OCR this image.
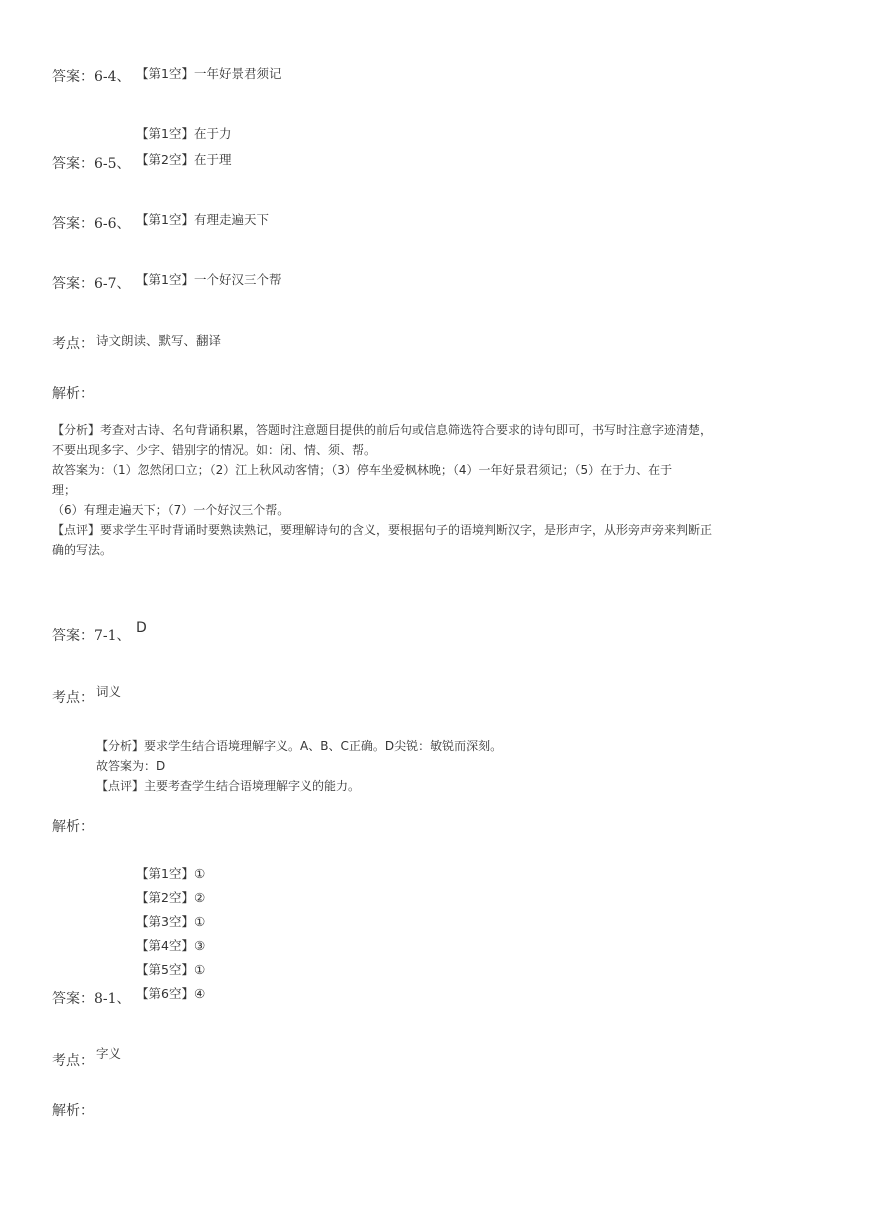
答案：6-4、 【第1空】一年好景君须记
【第1空】在于力
答案：6-5、 【第2空】在于理
答案：6-6、 【第1空】有理走遍天下
答案：6-7、 【第1空】一个好汉三个帮
考点： 诗文朗读、默写、翻译
解析：
【分析】考查对古诗、名句背诵积累，答题时注意题目提供的前后句或信息筛选符合要求的诗句即可，书写时注意字迹清楚，
不要出现多字、少字、错别字的情况。如：闭、情、须、帮。
故答案为：（1）忽然闭口立；（2）江上秋风动客情；（3）停车坐爱枫林晚；（4）一年好景君须记；（5）在于力、在于
理；
（6）有理走遍天下；（7）一个好汉三个帮。
【点评】要求学生平时背诵时要熟读熟记，要理解诗句的含义，要根据句子的语境判断汉字，是形声字，从形旁声旁来判断正
确的写法。
答案：7-1、 D
考点： 词义
【分析】要求学生结合语境理解字义。A、B、C正确。D尖锐：敏锐而深刻。
故答案为：D
【点评】主要考查学生结合语境理解字义的能力。
解析：
【第1空】①
【第2空】②
【第3空】①
【第4空】③
【第5空】①
答案：8-1、 【第6空】④
考点： 字义
解析：
